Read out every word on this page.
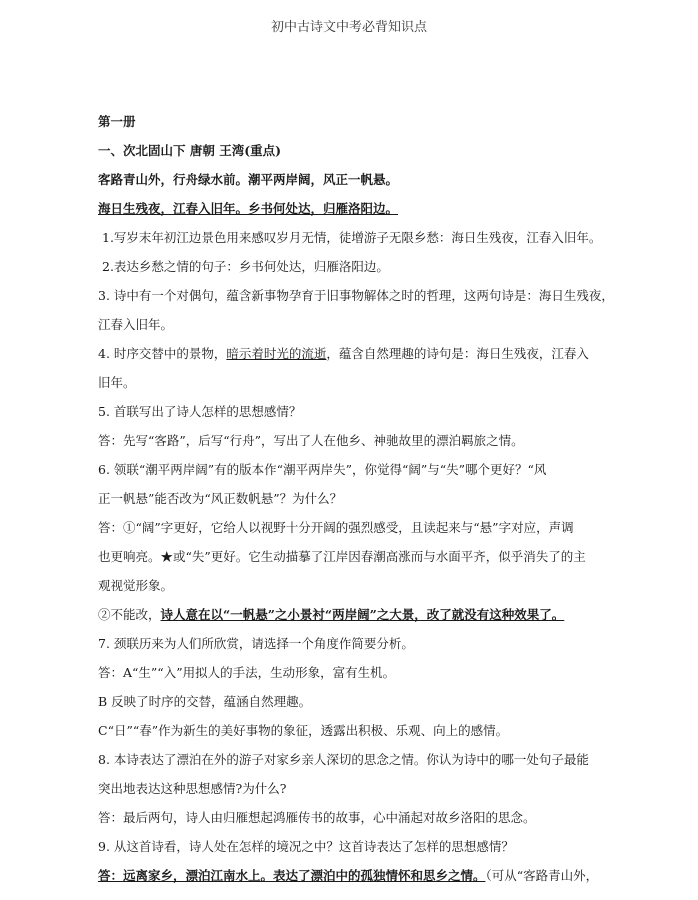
初中古诗文中考必背知识点
第一册
一、次北固山下 唐朝 王湾(重点)
客路青山外，行舟绿水前。潮平两岸阔，风正一帆悬。
海日生残夜，江春入旧年。乡书何处达，归雁洛阳边。
1.写岁末年初江边景色用来感叹岁月无情，徒增游子无限乡愁：海日生残夜，江春入旧年。
2.表达乡愁之情的句子：乡书何处达，归雁洛阳边。
3. 诗中有一个对偶句，蕴含新事物孕育于旧事物解体之时的哲理，这两句诗是：海日生残夜，
江春入旧年。
4. 时序交替中的景物，暗示着时光的流逝，蕴含自然理趣的诗句是：海日生残夜，江春入
旧年。
5. 首联写出了诗人怎样的思想感情？
答：先写“客路”，后写“行舟”，写出了人在他乡、神驰故里的漂泊羁旅之情。
6. 领联“潮平两岸阔”有的版本作“潮平两岸失”，你觉得“阔”与“失”哪个更好？“风
正一帆悬”能否改为“风正数帆悬”？为什么？
答：①“阔”字更好，它给人以视野十分开阔的强烈感受，且读起来与“悬”字对应，声调
也更响亮。★或“失”更好。它生动描摹了江岸因春潮高涨而与水面平齐，似乎消失了的主
观视觉形象。
②不能改，诗人意在以“一帆悬”之小景衬“两岸阔”之大景，改了就没有这种效果了。
7. 颈联历来为人们所欣赏，请选择一个角度作简要分析。
答：A“生”“入”用拟人的手法，生动形象，富有生机。
B 反映了时序的交替，蕴涵自然理趣。
C“日”“春”作为新生的美好事物的象征，透露出积极、乐观、向上的感情。
8. 本诗表达了漂泊在外的游子对家乡亲人深切的思念之情。你认为诗中的哪一处句子最能
突出地表达这种思想感情?为什么?
答：最后两句，诗人由归雁想起鸿雁传书的故事，心中涌起对故乡洛阳的思念。
9. 从这首诗看，诗人处在怎样的境况之中？这首诗表达了怎样的思想感情？
答：远离家乡，漂泊江南水上。表达了漂泊中的孤独情怀和思乡之情。（可从“客路青山外，
